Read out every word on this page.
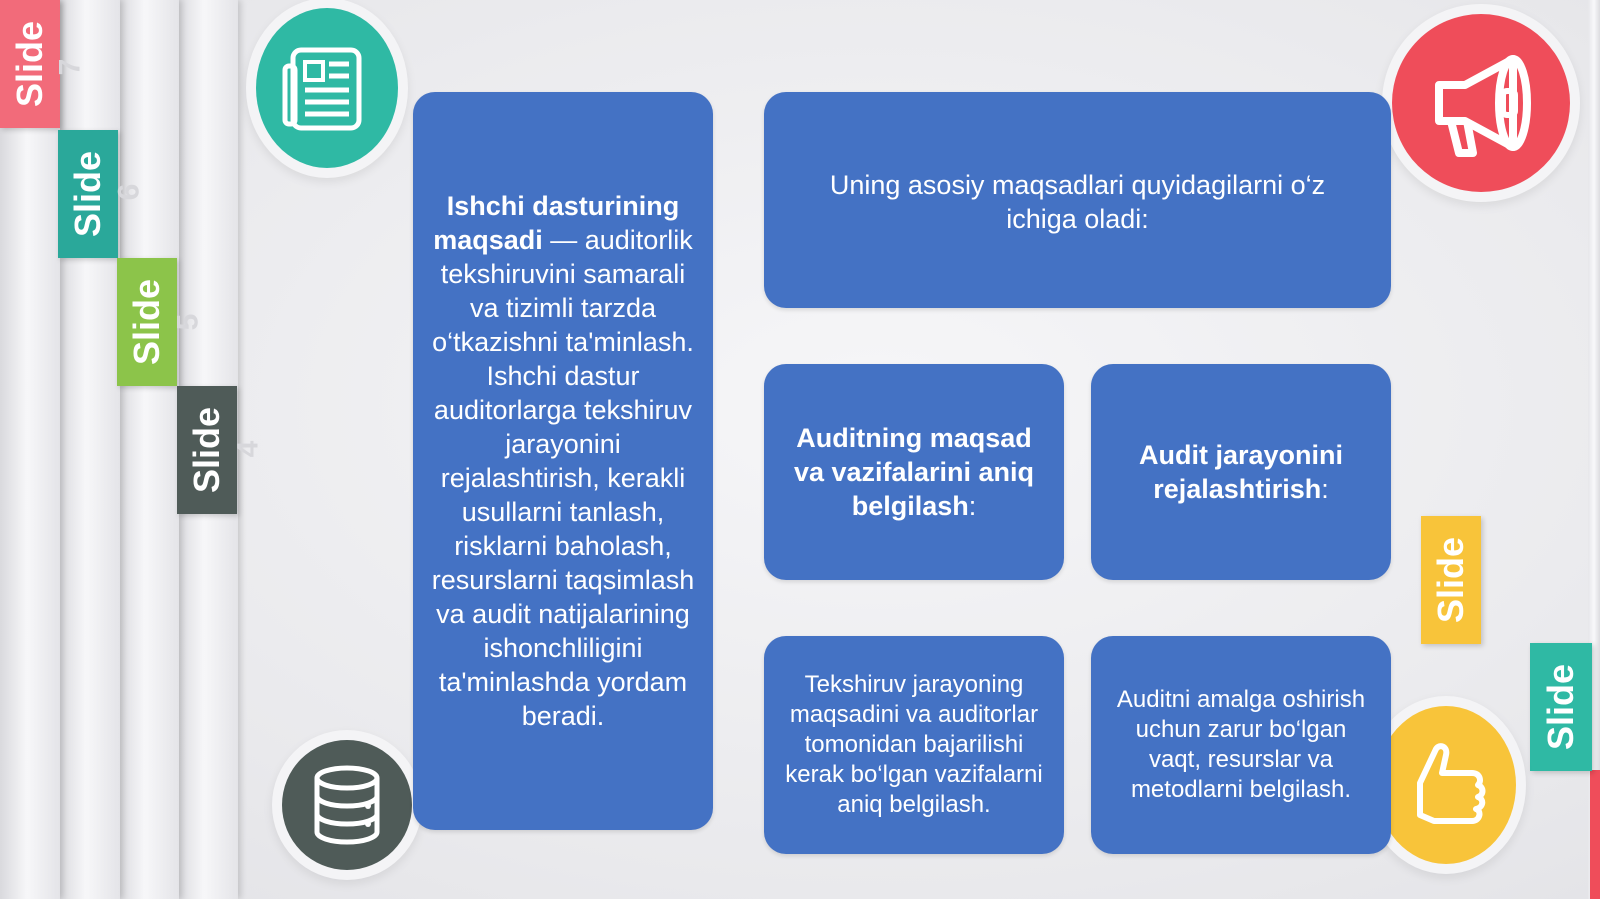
Slide 7
Slide 6
Slide 5
Slide 4
Slide
Slide
Ishchi dasturining maqsadi — auditorlik tekshiruvini samarali va tizimli tarzda o‘tkazishni ta'minlash. Ishchi dastur auditorlarga tekshiruv jarayonini rejalashtirish, kerakli usullarni tanlash, risklarni baholash, resurslarni taqsimlash va audit natijalarining ishonchliligini ta'minlashda yordam beradi.
Uning asosiy maqsadlari quyidagilarni o‘z ichiga oladi:
Auditning maqsad va vazifalarini aniq belgilash:
Audit jarayonini rejalashtirish:
Tekshiruv jarayoning maqsadini va auditorlar tomonidan bajarilishi kerak bo‘lgan vazifalarni aniq belgilash.
Auditni amalga oshirish uchun zarur bo‘lgan vaqt, resurslar va metodlarni belgilash.
